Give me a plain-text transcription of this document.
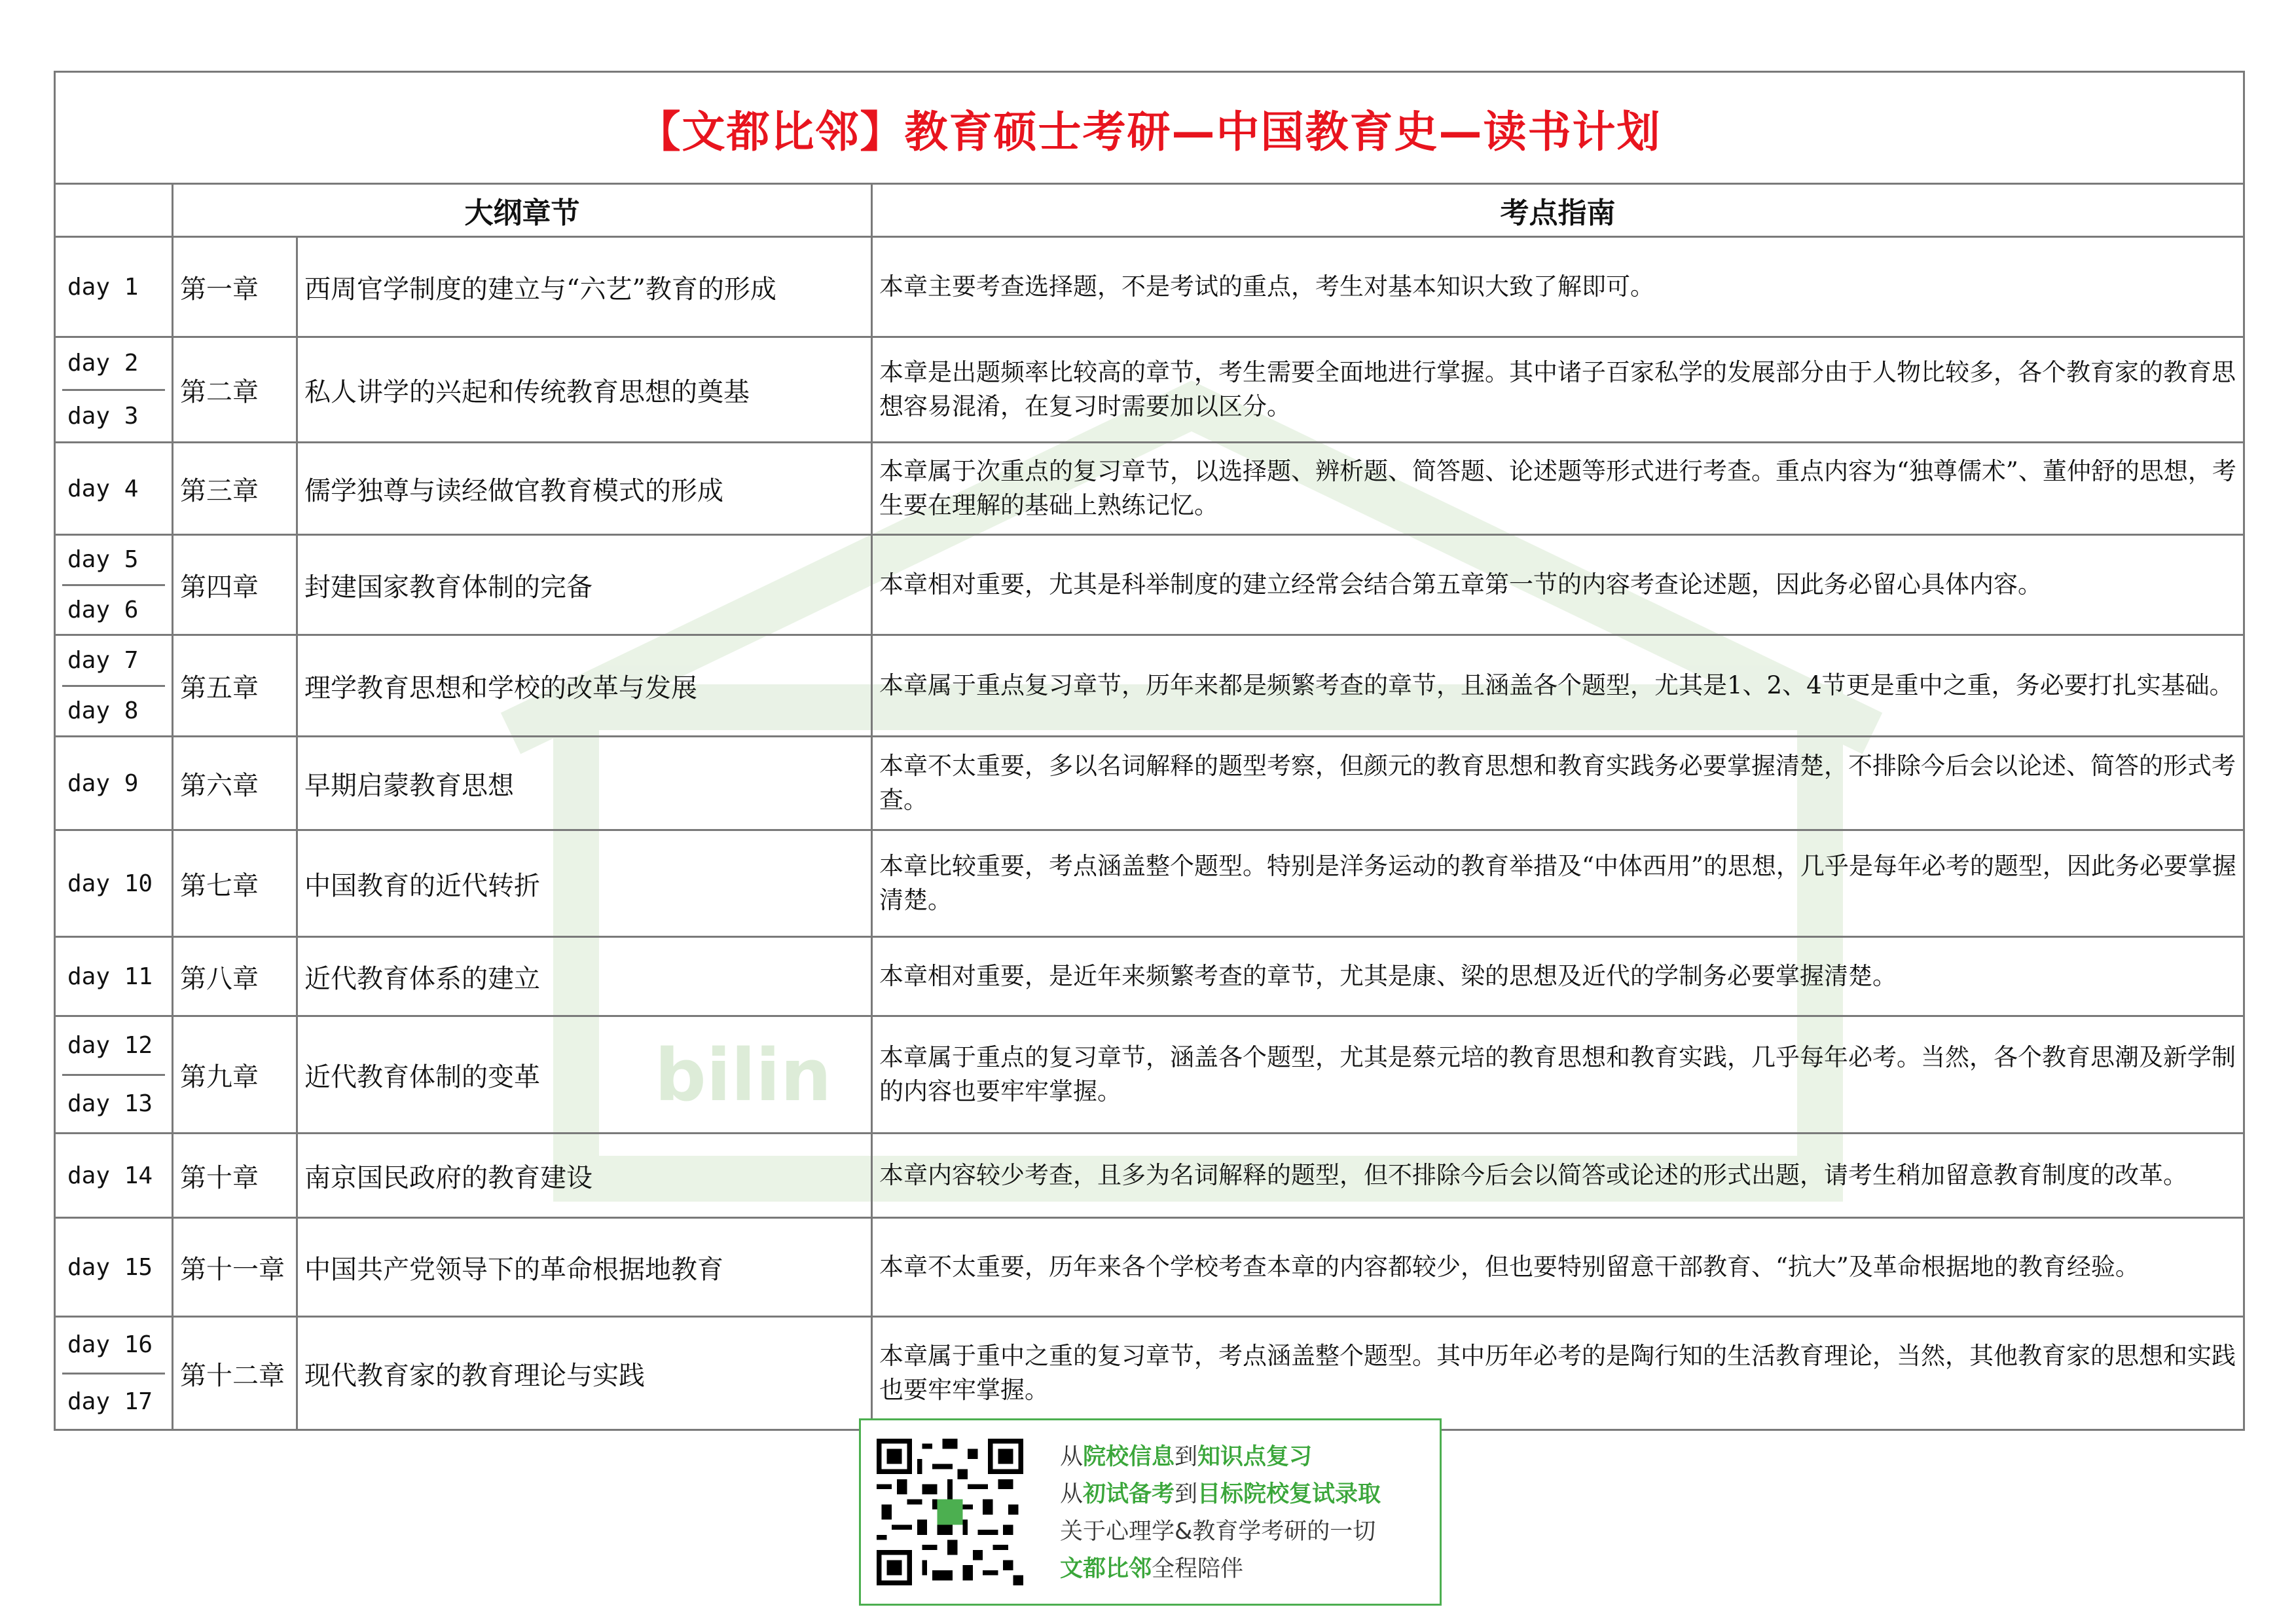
bilin
【文都比邻】教育硕士考研—中国教育史—读书计划			
	大纲章节		考点指南

day 1	第一章	西周官学制度的建立与“六艺”教育的形成	本章主要考查选择题，不是考试的重点，考生对基本知识大致了解即可。

day 2
day 3	第二章	私人讲学的兴起和传统教育思想的奠基	本章是出题频率比较高的章节，考生需要全面地进行掌握。其中诸子百家私学的发展部分由于人物比较多，各个教育家的教育思想容易混淆，在复习时需要加以区分。

day 4	第三章	儒学独尊与读经做官教育模式的形成	本章属于次重点的复习章节，以选择题、辨析题、简答题、论述题等形式进行考查。重点内容为“独尊儒术”、董仲舒的思想，考生要在理解的基础上熟练记忆。

day 5
day 6	第四章	封建国家教育体制的完备	本章相对重要，尤其是科举制度的建立经常会结合第五章第一节的内容考查论述题，因此务必留心具体内容。

day 7
day 8	第五章	理学教育思想和学校的改革与发展	本章属于重点复习章节，历年来都是频繁考查的章节，且涵盖各个题型，尤其是1、2、4节更是重中之重，务必要打扎实基础。

day 9	第六章	早期启蒙教育思想	本章不太重要，多以名词解释的题型考察，但颜元的教育思想和教育实践务必要掌握清楚，不排除今后会以论述、简答的形式考查。

day 10	第七章	中国教育的近代转折	本章比较重要，考点涵盖整个题型。特别是洋务运动的教育举措及“中体西用”的思想，几乎是每年必考的题型，因此务必要掌握清楚。

day 11	第八章	近代教育体系的建立	本章相对重要，是近年来频繁考查的章节，尤其是康、梁的思想及近代的学制务必要掌握清楚。

day 12
day 13	第九章	近代教育体制的变革	本章属于重点的复习章节，涵盖各个题型，尤其是蔡元培的教育思想和教育实践，几乎每年必考。当然，各个教育思潮及新学制的内容也要牢牢掌握。

day 14	第十章	南京国民政府的教育建设	本章内容较少考查，且多为名词解释的题型，但不排除今后会以简答或论述的形式出题，请考生稍加留意教育制度的改革。

day 15	第十一章	中国共产党领导下的革命根据地教育	本章不太重要，历年来各个学校考查本章的内容都较少，但也要特别留意干部教育、“抗大”及革命根据地的教育经验。

day 16
day 17	第十二章	现代教育家的教育理论与实践	本章属于重中之重的复习章节，考点涵盖整个题型。其中历年必考的是陶行知的生活教育理论，当然，其他教育家的思想和实践也要牢牢掌握。
从院校信息到知识点复习
从初试备考到目标院校复试录取
关于心理学&教育学考研的一切
文都比邻全程陪伴
